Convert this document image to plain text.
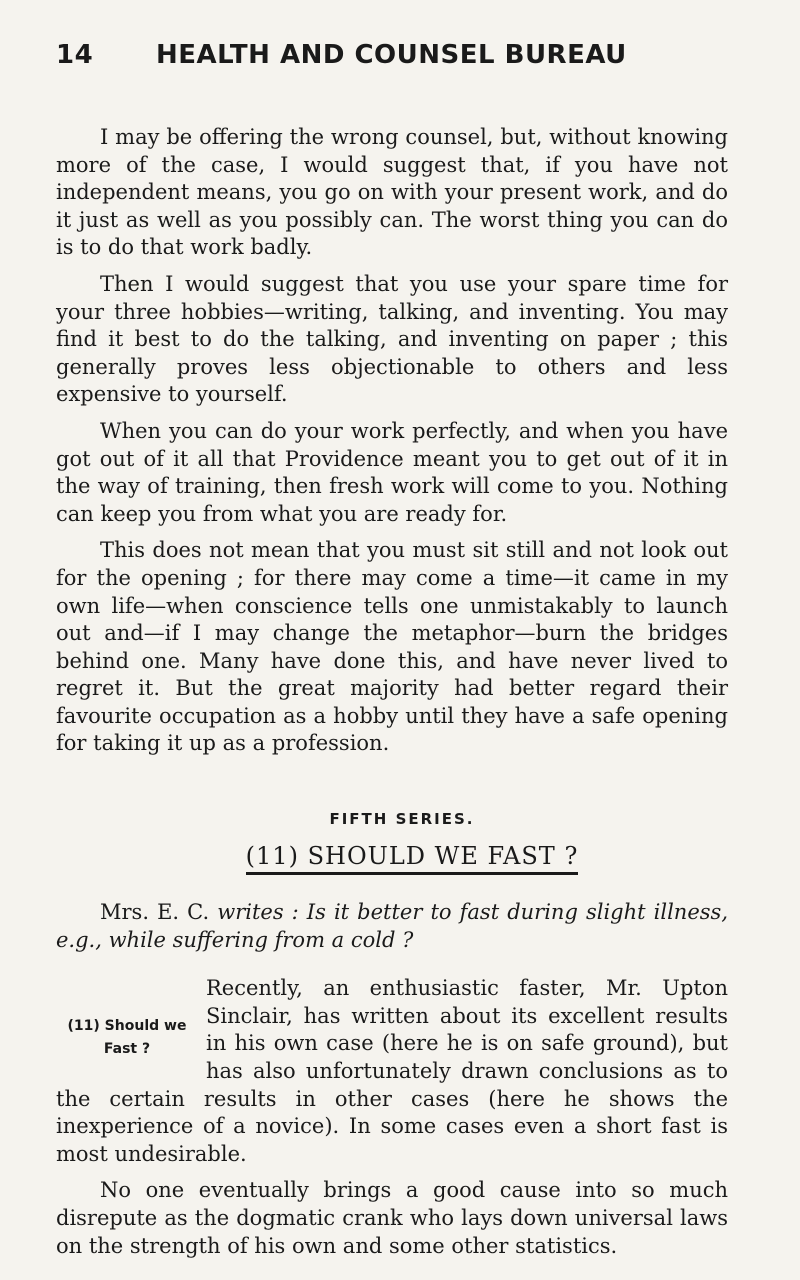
14	HEALTH AND COUNSEL BUREAU

I may be offering the wrong counsel, but, without knowing more of the case, I would suggest that, if you have not independent means, you go on with your present work, and do it just as well as you possibly can. The worst thing you can do is to do that work badly.

Then I would suggest that you use your spare time for your three hobbies—writing, talking, and inventing. You may find it best to do the talking, and inventing on paper ; this generally proves less objectionable to others and less expensive to yourself.

When you can do your work perfectly, and when you have got out of it all that Providence meant you to get out of it in the way of training, then fresh work will come to you. Nothing can keep you from what you are ready for.

This does not mean that you must sit still and not look out for the opening ; for there may come a time—it came in my own life—when conscience tells one unmistakably to launch out and—if I may change the metaphor—burn the bridges behind one. Many have done this, and have never lived to regret it. But the great majority had better regard their favourite occupation as a hobby until they have a safe opening for taking it up as a profession.

FIFTH SERIES.
(11) SHOULD WE FAST ?

Mrs. E. C. writes : Is it better to fast during slight illness, e.g., while suffering from a cold ?

(11) Should we
Fast ?

Recently, an enthusiastic faster, Mr. Upton Sinclair, has written about its excellent results in his own case (here he is on safe ground), but has also unfortunately drawn conclusions as to the certain results in other cases (here he shows the inexperience of a novice). In some cases even a short fast is most undesirable.

No one eventually brings a good cause into so much disrepute as the dogmatic crank who lays down universal laws on the strength of his own and some other statistics.
